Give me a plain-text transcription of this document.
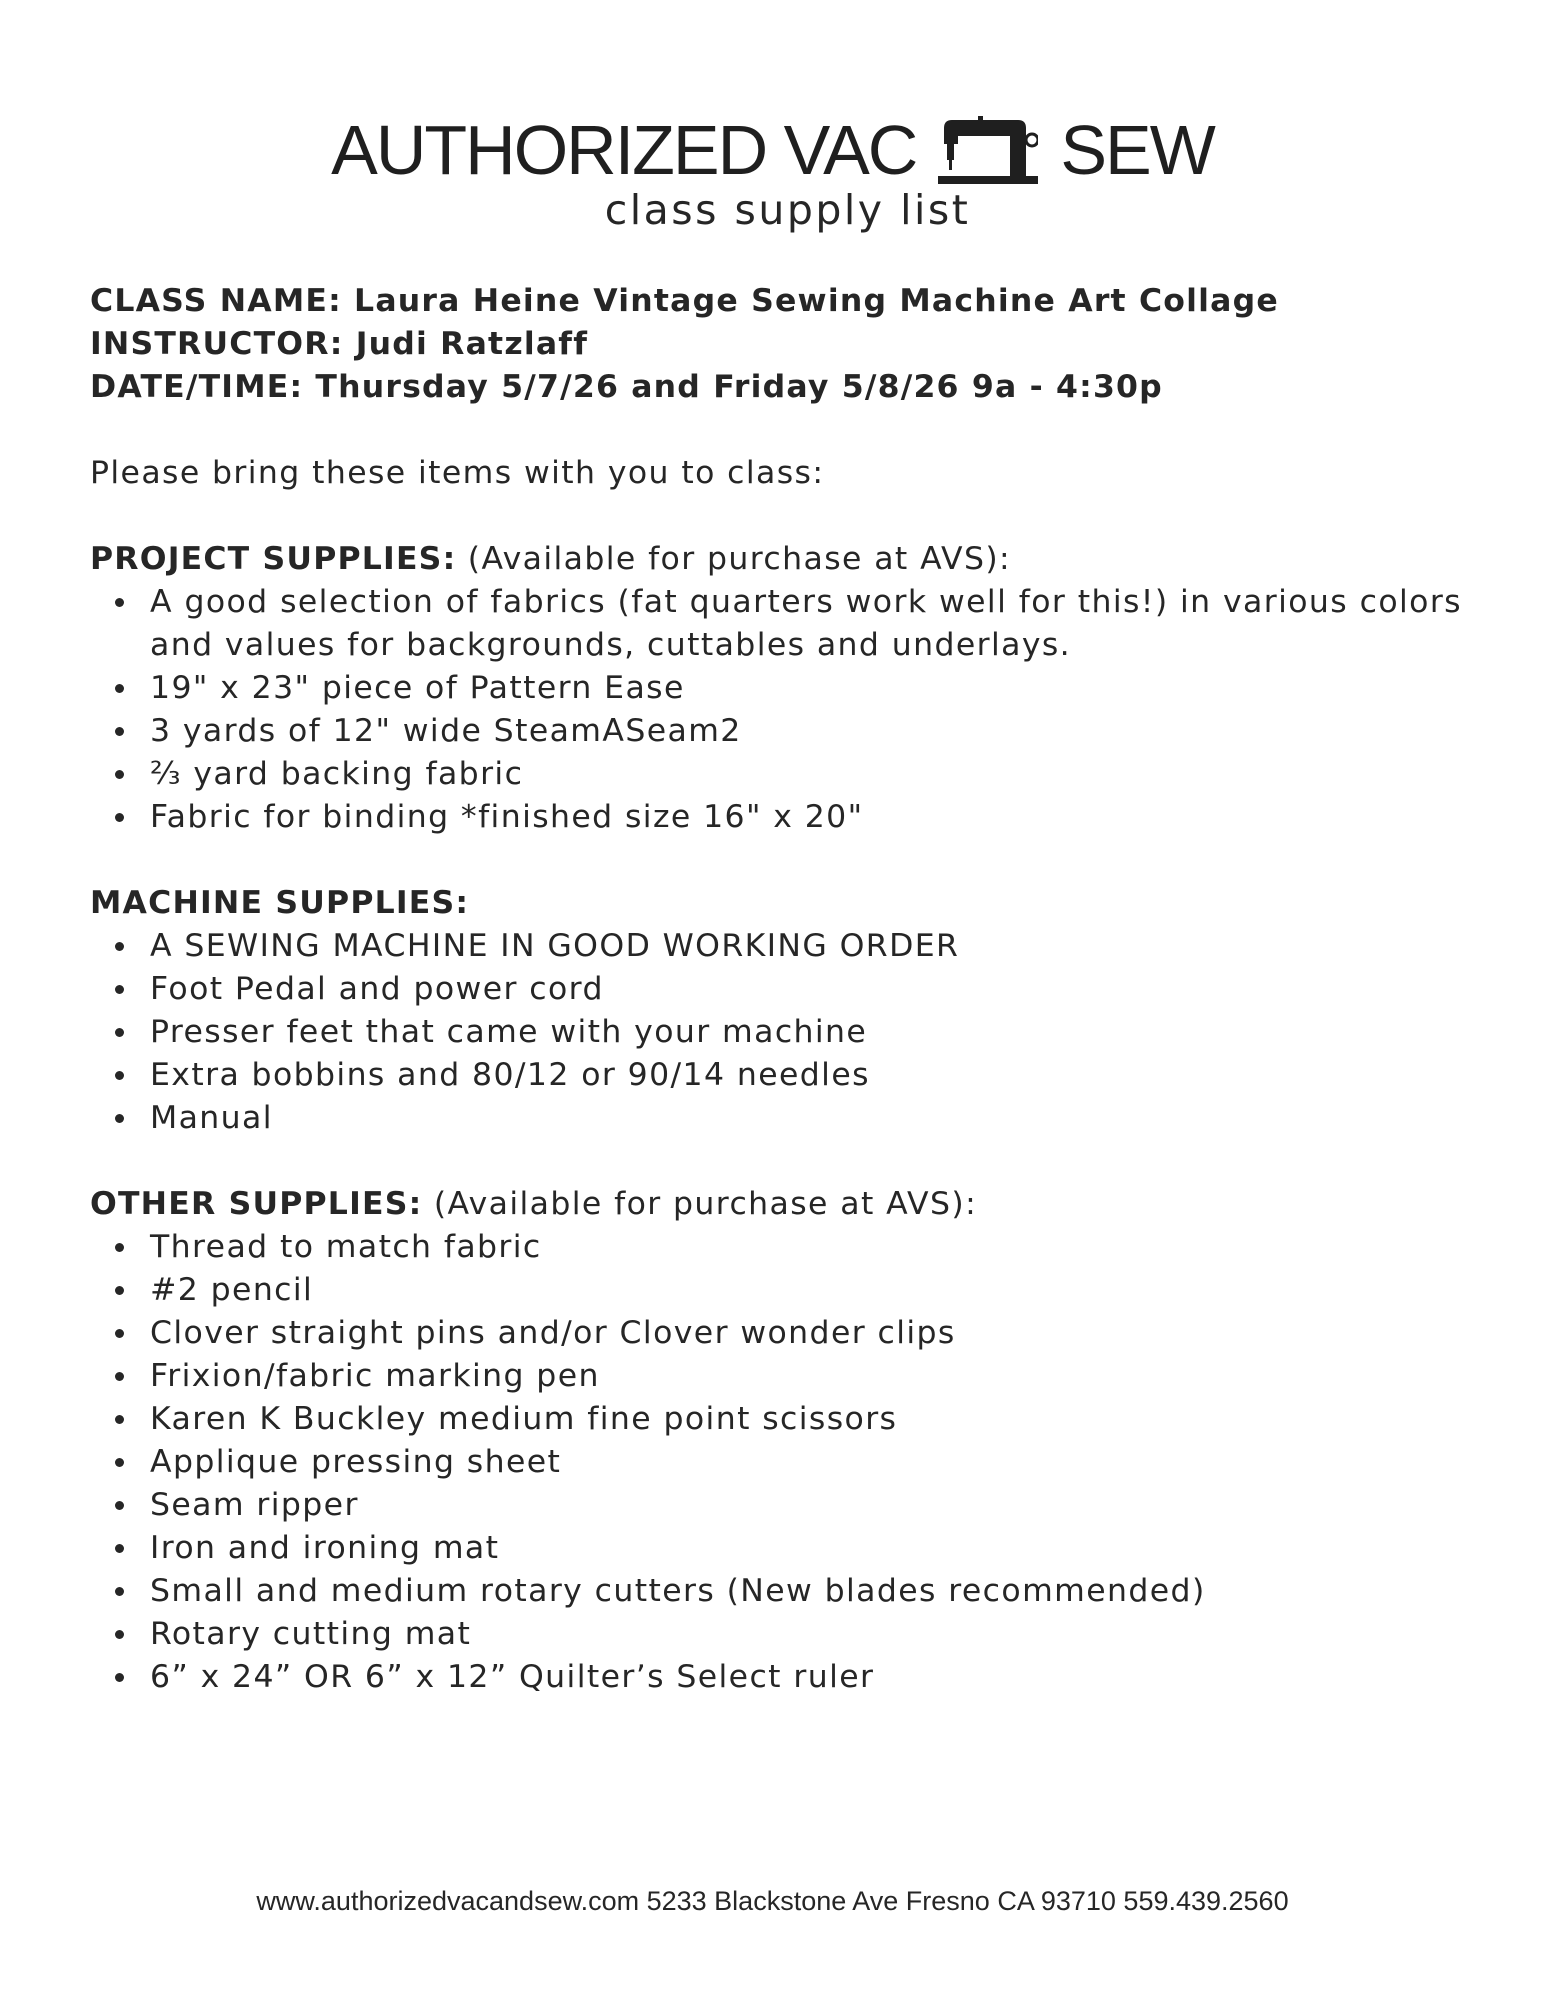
AUTHORIZED VAC SEW
class supply list
CLASS NAME: Laura Heine Vintage Sewing Machine Art Collage
INSTRUCTOR: Judi Ratzlaff
DATE/TIME: Thursday 5/7/26 and Friday 5/8/26 9a - 4:30p
Please bring these items with you to class:
PROJECT SUPPLIES: (Available for purchase at AVS):
A good selection of fabrics (fat quarters work well for this!) in various colors and values for backgrounds, cuttables and underlays.
19" x 23" piece of Pattern Ease
3 yards of 12" wide SteamASeam2
⅔ yard backing fabric
Fabric for binding *finished size 16" x 20"
MACHINE SUPPLIES:
A SEWING MACHINE IN GOOD WORKING ORDER
Foot Pedal and power cord
Presser feet that came with your machine
Extra bobbins and 80/12 or 90/14 needles
Manual
OTHER SUPPLIES: (Available for purchase at AVS):
Thread to match fabric
#2 pencil
Clover straight pins and/or Clover wonder clips
Frixion/fabric marking pen
Karen K Buckley medium fine point scissors
Applique pressing sheet
Seam ripper
Iron and ironing mat
Small and medium rotary cutters (New blades recommended)
Rotary cutting mat
6” x 24” OR 6” x 12” Quilter’s Select ruler
www.authorizedvacandsew.com 5233 Blackstone Ave Fresno CA 93710 559.439.2560
